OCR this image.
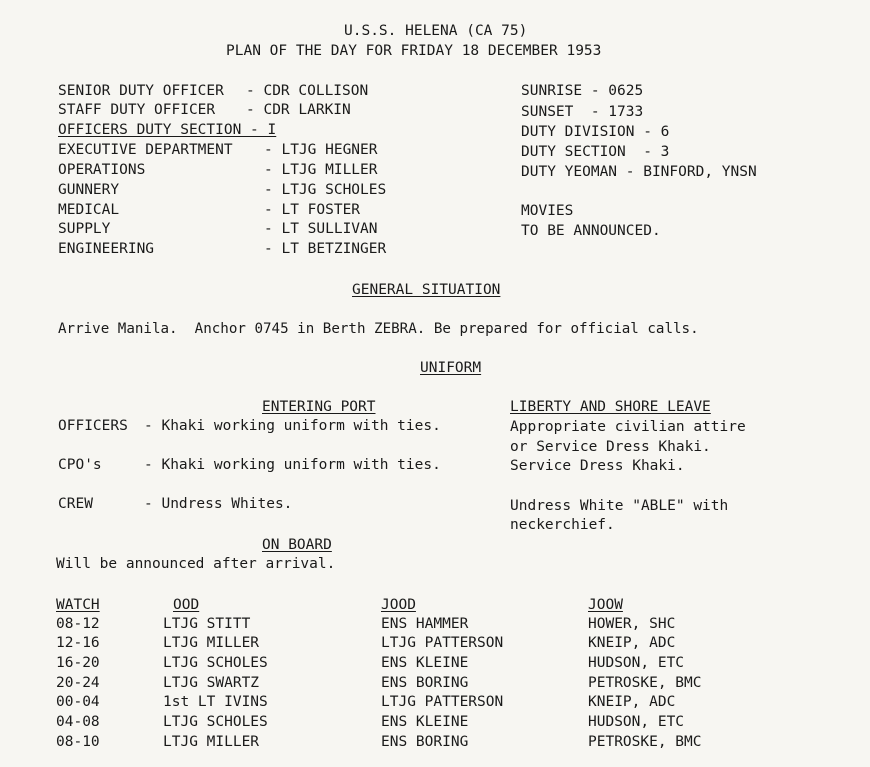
U.S.S. HELENA (CA 75)
PLAN OF THE DAY FOR FRIDAY 18 DECEMBER 1953
SENIOR DUTY OFFICER - CDR COLLISON
STAFF DUTY OFFICER - CDR LARKIN
OFFICERS DUTY SECTION - I
EXECUTIVE DEPARTMENT - LTJG HEGNER
OPERATIONS	- LTJG MILLER
GUNNERY	- LTJG SCHOLES
MEDICAL	- LT FOSTER
SUPPLY	- LT SULLIVAN
ENGINEERING	- LT BETZINGER
SUNRISE - 0625
SUNSET  - 1733
DUTY DIVISION - 6
DUTY SECTION  - 3
DUTY YEOMAN - BINFORD, YNSN
MOVIES
TO BE ANNOUNCED.
GENERAL SITUATION
Arrive Manila.  Anchor 0745 in Berth ZEBRA. Be prepared for official calls.
UNIFORM
ENTERING PORT	LIBERTY AND SHORE LEAVE
OFFICERS - Khaki working uniform with ties.	Appropriate civilian attire
or Service Dress Khaki.
CPO's	- Khaki working uniform with ties.	Service Dress Khaki.
CREW	- Undress Whites.	Undress White "ABLE" with
neckerchief.
ON BOARD
Will be announced after arrival.
WATCH	OOD	JOOD	JOOW
08-12	LTJG STITT	ENS HAMMER	HOWER, SHC
12-16	LTJG MILLER	LTJG PATTERSON	KNEIP, ADC
16-20	LTJG SCHOLES	ENS KLEINE	HUDSON, ETC
20-24	LTJG SWARTZ	ENS BORING	PETROSKE, BMC
00-04	1st LT IVINS	LTJG PATTERSON	KNEIP, ADC
04-08	LTJG SCHOLES	ENS KLEINE	HUDSON, ETC
08-10	LTJG MILLER	ENS BORING	PETROSKE, BMC
